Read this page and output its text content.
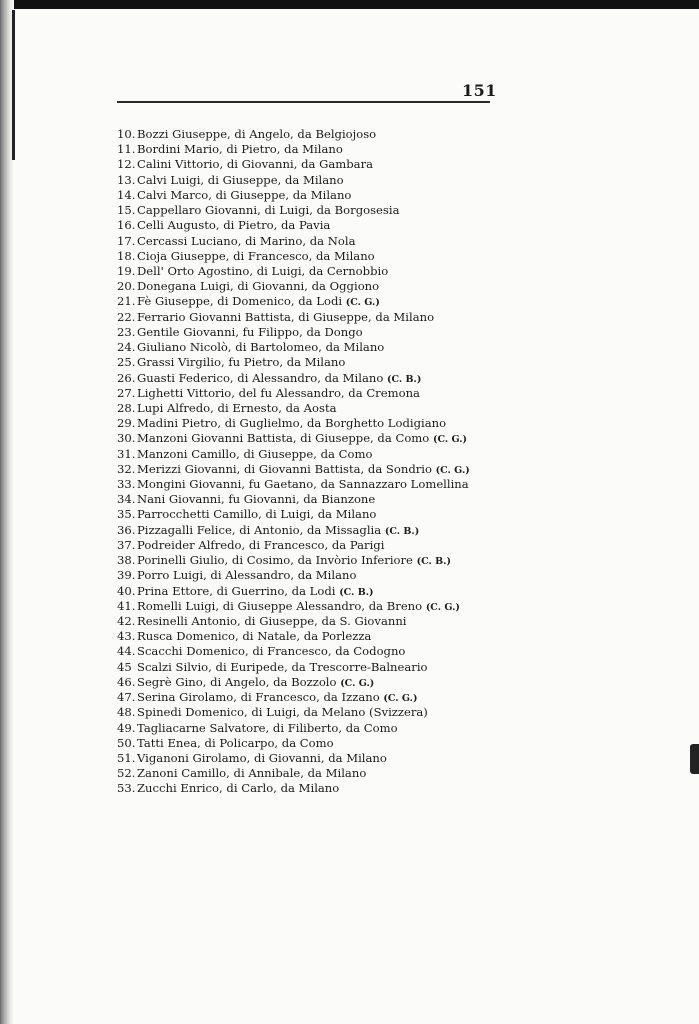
151
10. Bozzi Giuseppe, di Angelo, da Belgiojoso
11. Bordini Mario, di Pietro, da Milano
12. Calini Vittorio, di Giovanni, da Gambara
13. Calvi Luigi, di Giuseppe, da Milano
14. Calvi Marco, di Giuseppe, da Milano
15. Cappellaro Giovanni, di Luigi, da Borgosesia
16. Celli Augusto, di Pietro, da Pavia
17. Cercassi Luciano, di Marino, da Nola
18. Cioja Giuseppe, di Francesco, da Milano
19. Dell' Orto Agostino, di Luigi, da Cernobbio
20. Donegana Luigi, di Giovanni, da Oggiono
21. Fè Giuseppe, di Domenico, da Lodi (C. G.)
22. Ferrario Giovanni Battista, di Giuseppe, da Milano
23. Gentile Giovanni, fu Filippo, da Dongo
24. Giuliano Nicolò, di Bartolomeo, da Milano
25. Grassi Virgilio, fu Pietro, da Milano
26. Guasti Federico, di Alessandro, da Milano (C. B.)
27. Lighetti Vittorio, del fu Alessandro, da Cremona
28. Lupi Alfredo, di Ernesto, da Aosta
29. Madini Pietro, di Guglielmo, da Borghetto Lodigiano
30. Manzoni Giovanni Battista, di Giuseppe, da Como (C. G.)
31. Manzoni Camillo, di Giuseppe, da Como
32. Merizzi Giovanni, di Giovanni Battista, da Sondrio (C. G.)
33. Mongini Giovanni, fu Gaetano, da Sannazzaro Lomellina
34. Nani Giovanni, fu Giovanni, da Bianzone
35. Parrocchetti Camillo, di Luigi, da Milano
36. Pizzagalli Felice, di Antonio, da Missaglia (C. B.)
37. Podreider Alfredo, di Francesco, da Parigi
38. Porinelli Giulio, di Cosimo, da Invòrio Inferiore (C. B.)
39. Porro Luigi, di Alessandro, da Milano
40. Prina Ettore, di Guerrino, da Lodi (C. B.)
41. Romelli Luigi, di Giuseppe Alessandro, da Breno (C. G.)
42. Resinelli Antonio, di Giuseppe, da S. Giovanni
43. Rusca Domenico, di Natale, da Porlezza
44. Scacchi Domenico, di Francesco, da Codogno
45 Scalzi Silvio, di Euripede, da Trescorre-Balneario
46. Segrè Gino, di Angelo, da Bozzolo (C. G.)
47. Serina Girolamo, di Francesco, da Izzano (C. G.)
48. Spinedi Domenico, di Luigi, da Melano (Svizzera)
49. Tagliacarne Salvatore, di Filiberto, da Como
50. Tatti Enea, di Policarpo, da Como
51. Viganoni Girolamo, di Giovanni, da Milano
52. Zanoni Camillo, di Annibale, da Milano
53. Zucchi Enrico, di Carlo, da Milano
